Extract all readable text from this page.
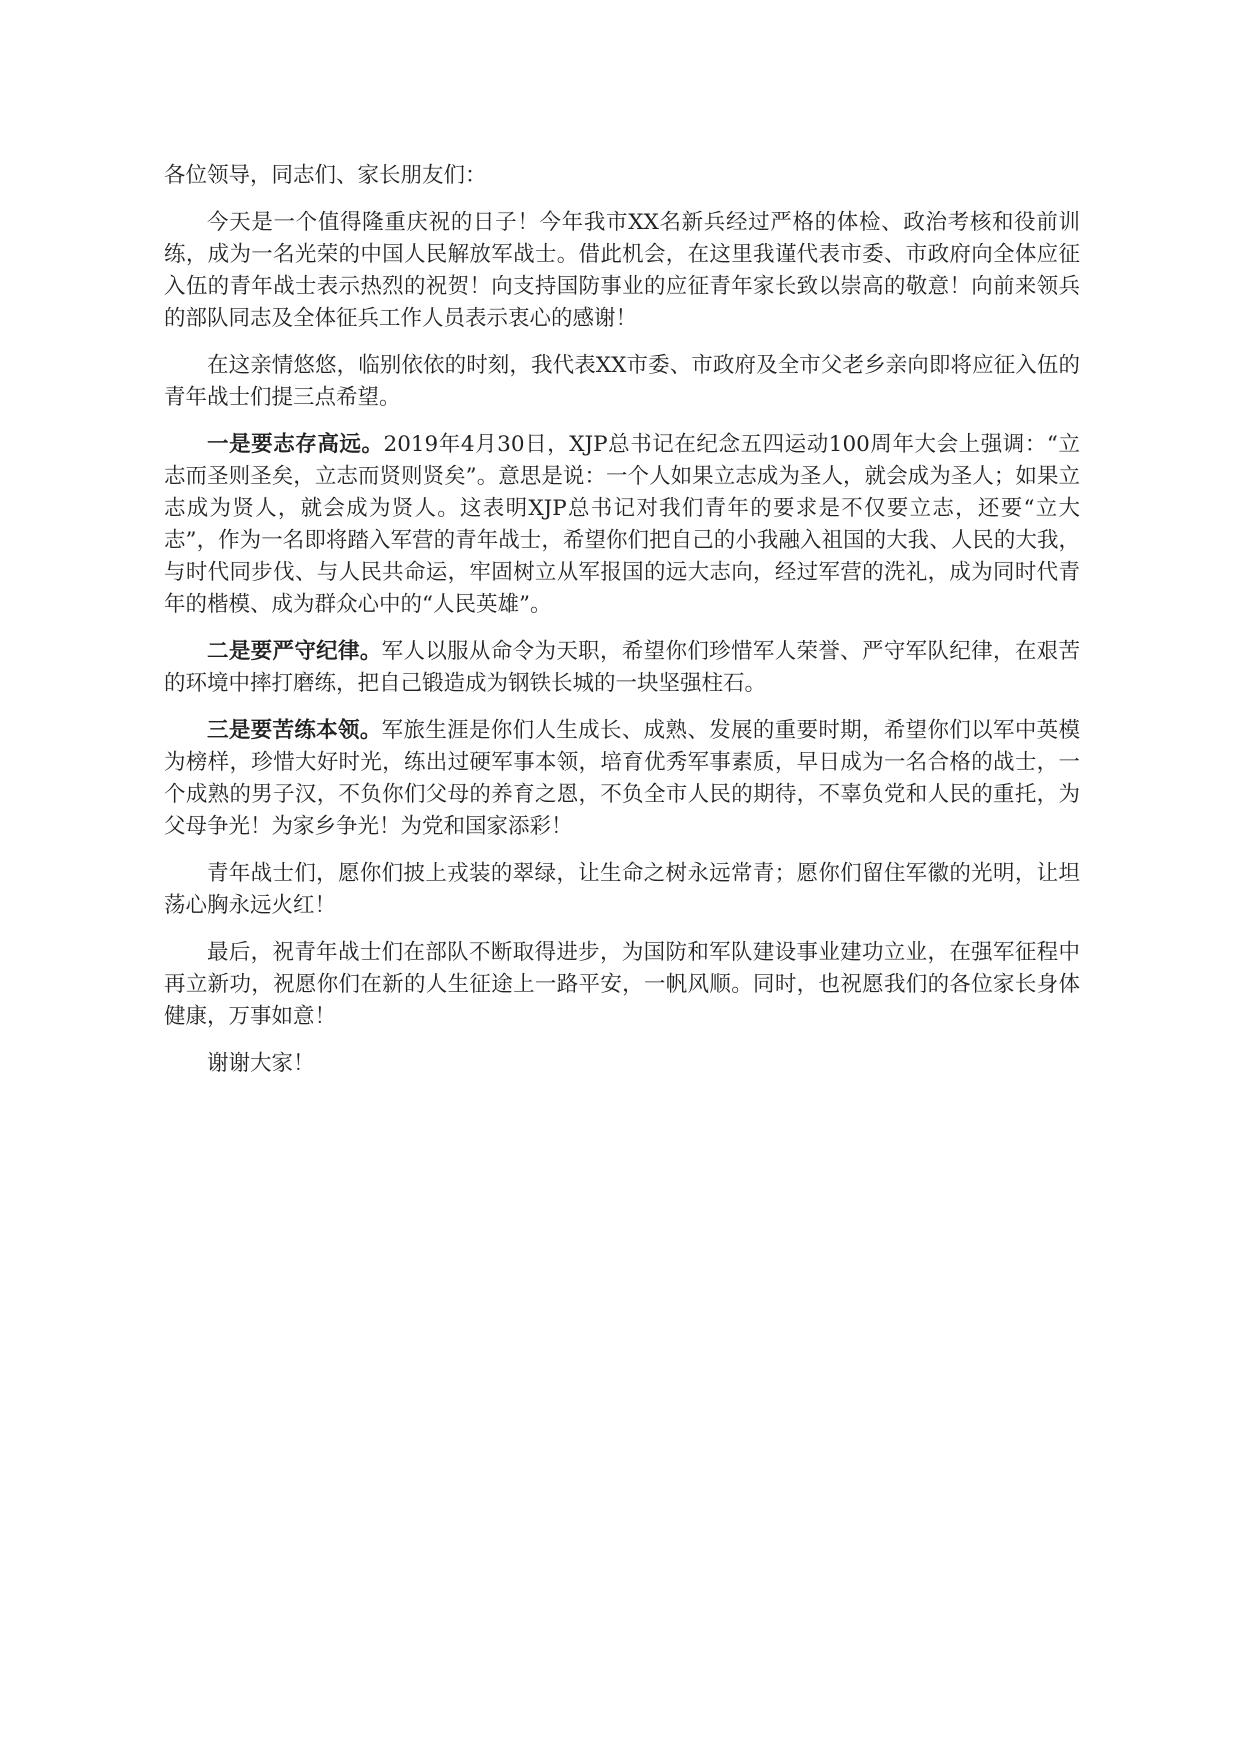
各位领导，同志们、家长朋友们：

今天是一个值得隆重庆祝的日子！今年我市XX名新兵经过严格的体检、政治考核和役前训练，成为一名光荣的中国人民解放军战士。借此机会，在这里我谨代表市委、市政府向全体应征入伍的青年战士表示热烈的祝贺！向支持国防事业的应征青年家长致以崇高的敬意！向前来领兵的部队同志及全体征兵工作人员表示衷心的感谢！

在这亲情悠悠，临别依依的时刻，我代表XX市委、市政府及全市父老乡亲向即将应征入伍的青年战士们提三点希望。

一是要志存高远。2019年4月30日，XJP总书记在纪念五四运动100周年大会上强调：“立志而圣则圣矣，立志而贤则贤矣”。意思是说：一个人如果立志成为圣人，就会成为圣人；如果立志成为贤人，就会成为贤人。这表明XJP总书记对我们青年的要求是不仅要立志，还要“立大志”，作为一名即将踏入军营的青年战士，希望你们把自己的小我融入祖国的大我、人民的大我，与时代同步伐、与人民共命运，牢固树立从军报国的远大志向，经过军营的洗礼，成为同时代青年的楷模、成为群众心中的“人民英雄”。

二是要严守纪律。军人以服从命令为天职，希望你们珍惜军人荣誉、严守军队纪律，在艰苦的环境中摔打磨练，把自己锻造成为钢铁长城的一块坚强柱石。

三是要苦练本领。军旅生涯是你们人生成长、成熟、发展的重要时期，希望你们以军中英模为榜样，珍惜大好时光，练出过硬军事本领，培育优秀军事素质，早日成为一名合格的战士，一个成熟的男子汉，不负你们父母的养育之恩，不负全市人民的期待，不辜负党和人民的重托，为父母争光！为家乡争光！为党和国家添彩！

青年战士们，愿你们披上戎装的翠绿，让生命之树永远常青；愿你们留住军徽的光明，让坦荡心胸永远火红！

最后，祝青年战士们在部队不断取得进步，为国防和军队建设事业建功立业，在强军征程中再立新功，祝愿你们在新的人生征途上一路平安，一帆风顺。同时，也祝愿我们的各位家长身体健康，万事如意！

谢谢大家！
